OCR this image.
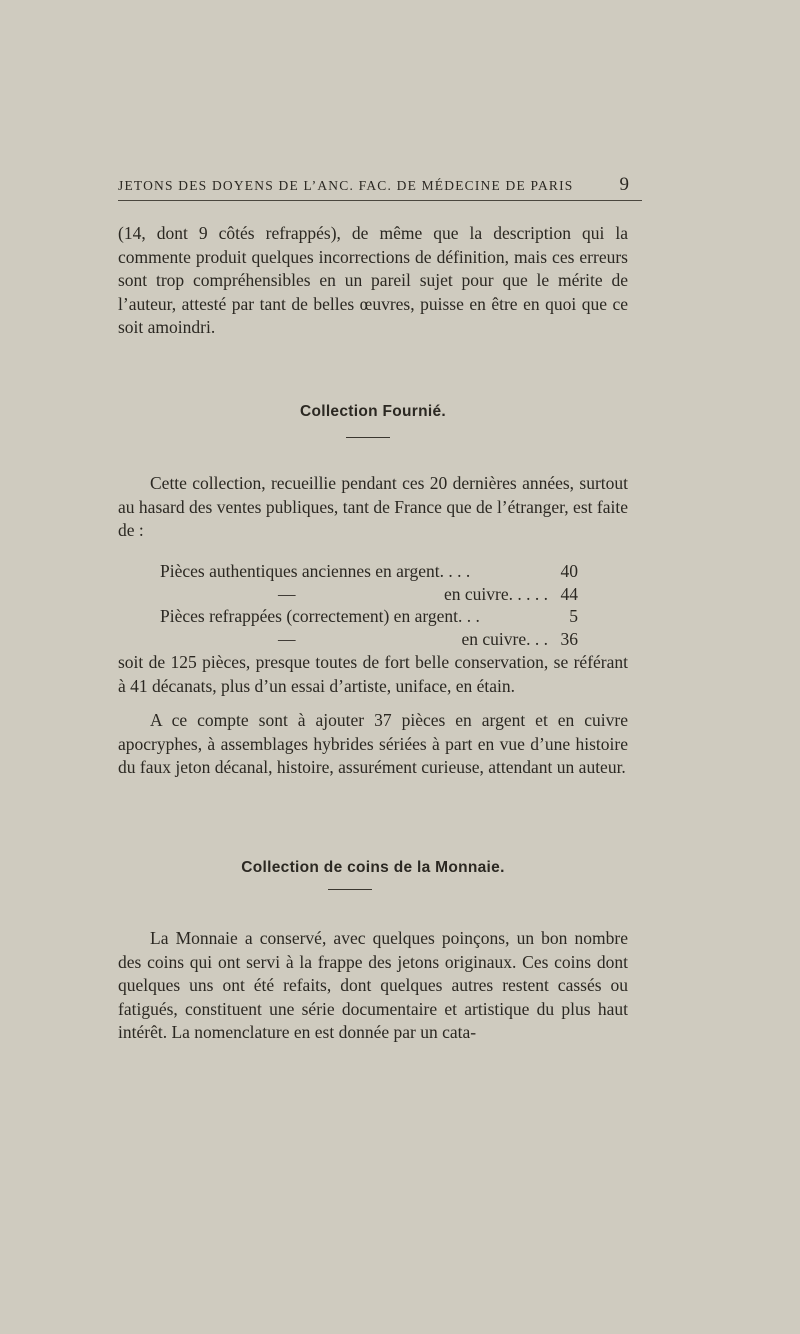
JETONS DES DOYENS DE L’ANC. FAC. DE MÉDECINE DE PARIS 9

(14, dont 9 côtés refrappés), de même que la description qui la commente produit quelques incorrections de définition, mais ces erreurs sont trop compréhensibles en un pareil sujet pour que le mérite de l’auteur, attesté par tant de belles œuvres, puisse en être en quoi que ce soit amoindri.

Collection Fournié.

Cette collection, recueillie pendant ces 20 dernières années, surtout au hasard des ventes publiques, tant de France que de l’étranger, est faite de :

Pièces authentiques anciennes en argent. . . .	40
—	en cuivre. . . . . 44
Pièces refrappées (correctement) en argent. . .	5
—	en cuivre. . . 36

soit de 125 pièces, presque toutes de fort belle conservation, se référant à 41 décanats, plus d’un essai d’artiste, uniface, en étain.

A ce compte sont à ajouter 37 pièces en argent et en cuivre apocryphes, à assemblages hybrides sériées à part en vue d’une histoire du faux jeton décanal, histoire, assurément curieuse, attendant un auteur.

Collection de coins de la Monnaie.

La Monnaie a conservé, avec quelques poinçons, un bon nombre des coins qui ont servi à la frappe des jetons originaux. Ces coins dont quelques uns ont été refaits, dont quelques autres restent cassés ou fatigués, constituent une série documentaire et artistique du plus haut intérêt. La nomenclature en est donnée par un cata-
